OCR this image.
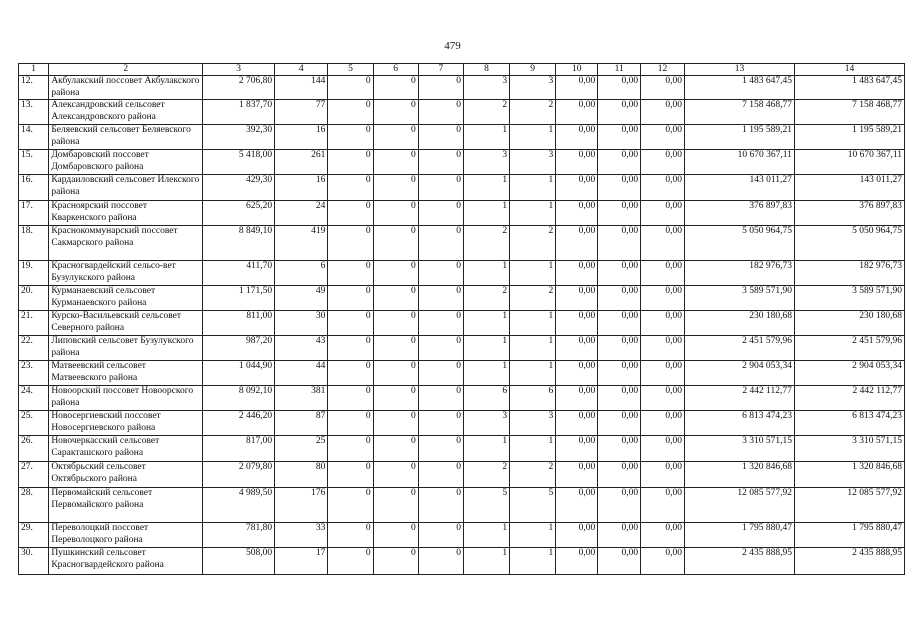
479
1	2	3	4	5	6	7	8	9	10	11	12	13	14
12.	Акбулакский поссовет Акбулакского района	2 706,80	144	0	0	0	3	3	0,00	0,00	0,00	1 483 647,45	1 483 647,45
13.	Александровский сельсовет Александровского района	1 837,70	77	0	0	0	2	2	0,00	0,00	0,00	7 158 468,77	7 158 468,77
14.	Беляевский сельсовет Беляевского района	392,30	16	0	0	0	1	1	0,00	0,00	0,00	1 195 589,21	1 195 589,21
15.	Домбаровский поссовет Домбаровского района	5 418,00	261	0	0	0	3	3	0,00	0,00	0,00	10 670 367,11	10 670 367,11
16.	Кардаиловский сельсовет Илекского района	429,30	16	0	0	0	1	1	0,00	0,00	0,00	143 011,27	143 011,27
17.	Красноярский поссовет Кваркенского района	625,20	24	0	0	0	1	1	0,00	0,00	0,00	376 897,83	376 897,83
18.	Краснокоммунарский поссовет Сакмарского района	8 849,10	419	0	0	0	2	2	0,00	0,00	0,00	5 050 964,75	5 050 964,75
19.	Красногвардейский сельсо-вет Бузулукского района	411,70	6	0	0	0	1	1	0,00	0,00	0,00	182 976,73	182 976,73
20.	Курманаевский сельсовет Курманаевского района	1 171,50	49	0	0	0	2	2	0,00	0,00	0,00	3 589 571,90	3 589 571,90
21.	Курско-Васильевский сельсовет Северного района	811,00	30	0	0	0	1	1	0,00	0,00	0,00	230 180,68	230 180,68
22.	Липовский сельсовет Бузулукского района	987,20	43	0	0	0	1	1	0,00	0,00	0,00	2 451 579,96	2 451 579,96
23.	Матвеевский сельсовет Матвеевского района	1 044,90	44	0	0	0	1	1	0,00	0,00	0,00	2 904 053,34	2 904 053,34
24.	Новоорский поссовет Новоорского района	8 092,10	381	0	0	0	6	6	0,00	0,00	0,00	2 442 112,77	2 442 112,77
25.	Новосергиевский поссовет Новосергиевского района	2 446,20	87	0	0	0	3	3	0,00	0,00	0,00	6 813 474,23	6 813 474,23
26.	Новочеркасский сельсовет Саракташского района	817,00	25	0	0	0	1	1	0,00	0,00	0,00	3 310 571,15	3 310 571,15
27.	Октябрьский сельсовет Октябрьского района	2 079,80	80	0	0	0	2	2	0,00	0,00	0,00	1 320 846,68	1 320 846,68
28.	Первомайский сельсовет Первомайского района	4 989,50	176	0	0	0	5	5	0,00	0,00	0,00	12 085 577,92	12 085 577,92
29.	Переволоцкий поссовет Переволоцкого района	781,80	33	0	0	0	1	1	0,00	0,00	0,00	1 795 880,47	1 795 880,47
30.	Пушкинский сельсовет Красногвардейского района	508,00	17	0	0	0	1	1	0,00	0,00	0,00	2 435 888,95	2 435 888,95
